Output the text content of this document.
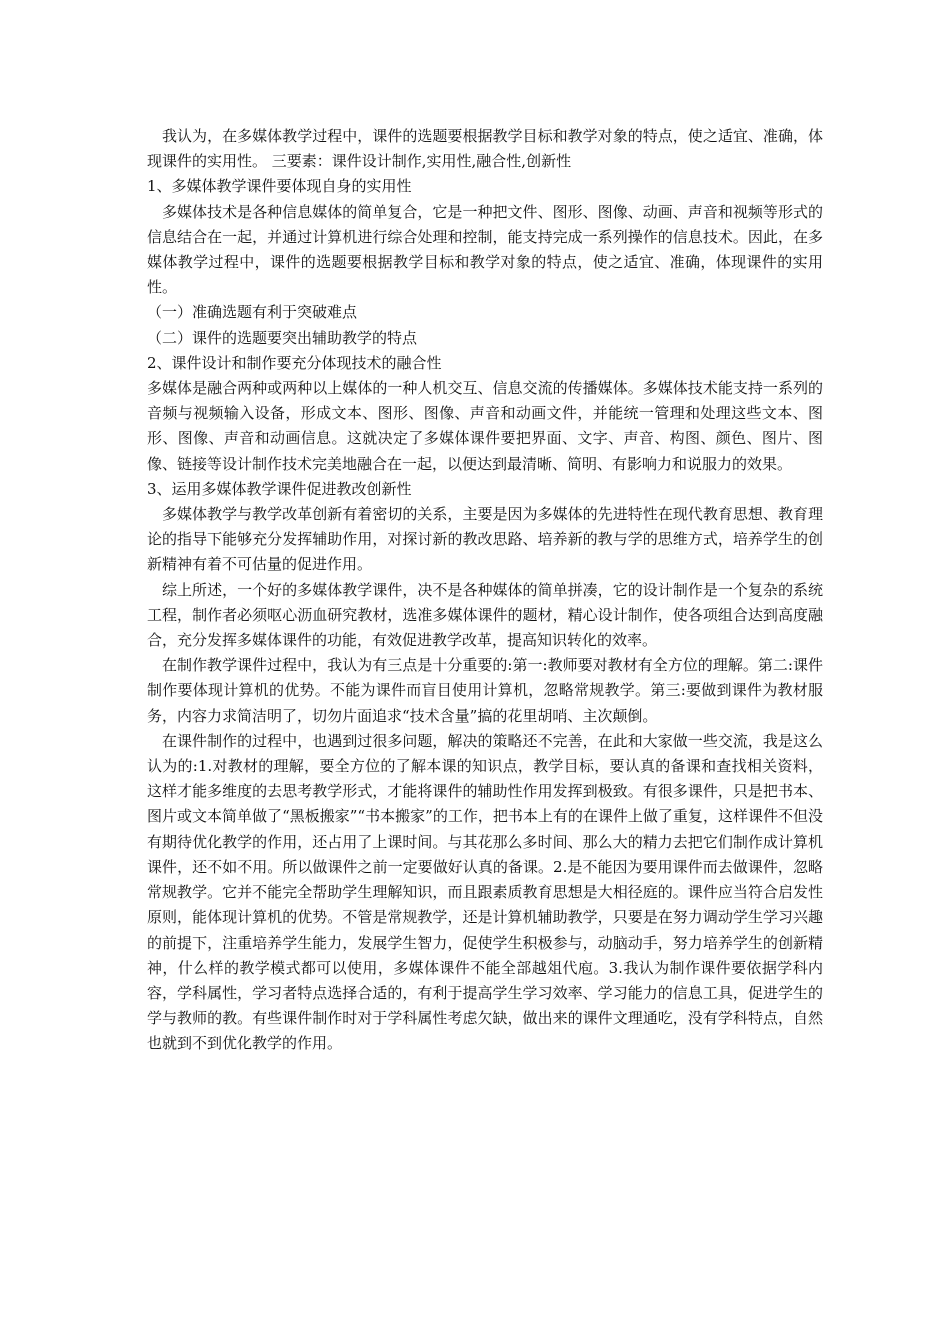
我认为，在多媒体教学过程中，课件的选题要根据教学目标和教学对象的特点，使之适宜、准确，体现课件的实用性。 三要素：课件设计制作,实用性,融合性,创新性

1、多媒体教学课件要体现自身的实用性

多媒体技术是各种信息媒体的简单复合，它是一种把文件、图形、图像、动画、声音和视频等形式的信息结合在一起，并通过计算机进行综合处理和控制，能支持完成一系列操作的信息技术。因此，在多媒体教学过程中，课件的选题要根据教学目标和教学对象的特点，使之适宜、准确，体现课件的实用性。

（一）准确选题有利于突破难点

（二）课件的选题要突出辅助教学的特点

2、课件设计和制作要充分体现技术的融合性

多媒体是融合两种或两种以上媒体的一种人机交互、信息交流的传播媒体。多媒体技术能支持一系列的音频与视频输入设备，形成文本、图形、图像、声音和动画文件，并能统一管理和处理这些文本、图形、图像、声音和动画信息。这就决定了多媒体课件要把界面、文字、声音、构图、颜色、图片、图像、链接等设计制作技术完美地融合在一起，以便达到最清晰、简明、有影响力和说服力的效果。

3、运用多媒体教学课件促进教改创新性

多媒体教学与教学改革创新有着密切的关系，主要是因为多媒体的先进特性在现代教育思想、教育理论的指导下能够充分发挥辅助作用，对探讨新的教改思路、培养新的教与学的思维方式，培养学生的创新精神有着不可估量的促进作用。

综上所述，一个好的多媒体教学课件，决不是各种媒体的简单拼凑，它的设计制作是一个复杂的系统工程，制作者必须呕心沥血研究教材，选准多媒体课件的题材，精心设计制作，使各项组合达到高度融合，充分发挥多媒体课件的功能，有效促进教学改革，提高知识转化的效率。

在制作教学课件过程中，我认为有三点是十分重要的:第一:教师要对教材有全方位的理解。第二:课件制作要体现计算机的优势。不能为课件而盲目使用计算机，忽略常规教学。第三:要做到课件为教材服务，内容力求简洁明了，切勿片面追求“技术含量”搞的花里胡哨、主次颠倒。

在课件制作的过程中，也遇到过很多问题，解决的策略还不完善，在此和大家做一些交流，我是这么认为的:1.对教材的理解，要全方位的了解本课的知识点，教学目标，要认真的备课和查找相关资料，这样才能多维度的去思考教学形式，才能将课件的辅助性作用发挥到极致。有很多课件，只是把书本、图片或文本简单做了“黑板搬家”“书本搬家”的工作，把书本上有的在课件上做了重复，这样课件不但没有期待优化教学的作用，还占用了上课时间。与其花那么多时间、那么大的精力去把它们制作成计算机课件，还不如不用。所以做课件之前一定要做好认真的备课。2.是不能因为要用课件而去做课件，忽略常规教学。它并不能完全帮助学生理解知识，而且跟素质教育思想是大相径庭的。课件应当符合启发性原则，能体现计算机的优势。不管是常规教学，还是计算机辅助教学，只要是在努力调动学生学习兴趣的前提下，注重培养学生能力，发展学生智力，促使学生积极参与，动脑动手，努力培养学生的创新精神，什么样的教学模式都可以使用，多媒体课件不能全部越俎代庖。3.我认为制作课件要依据学科内容，学科属性，学习者特点选择合适的，有利于提高学生学习效率、学习能力的信息工具，促进学生的学与教师的教。有些课件制作时对于学科属性考虑欠缺，做出来的课件文理通吃，没有学科特点，自然也就到不到优化教学的作用。
